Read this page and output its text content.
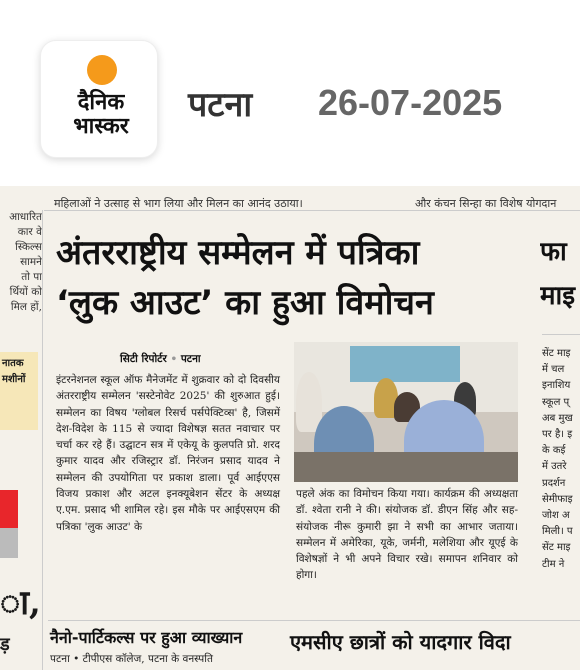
दैनिक
भास्कर
पटना 26-07-2025
महिलाओं ने उत्साह से भाग लिया और मिलन का आनंद उठाया।	और कंचन सिन्हा का विशेष योगदान
आधारित
कार वे
स्किल्स
सामने
तो पा
र्थियों को
मिल हों,
नातक
मशीनों
ा,
ड़
अंतरराष्ट्रीय सम्मेलन में पत्रिका
‘लुक आउट’ का हुआ विमोचन
फा
माइ
सिटी रिपोर्टर • पटना
इंटरनेशनल स्कूल ऑफ मैनेजमेंट में शुक्रवार को दो दिवसीय अंतरराष्ट्रीय सम्मेलन 'सस्टेनोवेट 2025' की शुरुआत हुई। सम्मेलन का विषय 'ग्लोबल रिसर्च पर्सपेक्टिव्स' है, जिसमें देश-विदेश के 115 से ज्यादा विशेषज्ञ सतत नवाचार पर चर्चा कर रहे हैं। उद्घाटन सत्र में एकेयू के कुलपति प्रो. शरद कुमार यादव और रजिस्ट्रार डॉ. निरंजन प्रसाद यादव ने सम्मेलन की उपयोगिता पर प्रकाश डाला। पूर्व आईएएस विजय प्रकाश और अटल इनक्यूबेशन सेंटर के अध्यक्ष ए.एम. प्रसाद भी शामिल रहे। इस मौके पर आईएसएम की पत्रिका 'लुक आउट' के
पहले अंक का विमोचन किया गया। कार्यक्रम की अध्यक्षता डॉ. श्वेता रानी ने की। संयोजक डॉ. डीएन सिंह और सह-संयोजक नीरू कुमारी झा ने सभी का आभार जताया। सम्मेलन में अमेरिका, यूके, जर्मनी, मलेशिया और यूएई के विशेषज्ञों ने भी अपने विचार रखे। समापन शनिवार को होगा।
सेंट माइ
में चल
इनाशिय
स्कूल प्
अब मुख
पर है। इ
के कई
में उतरे
प्रदर्शन
सेमीफाइ
जोश अ
मिली। प
सेंट माइ
टीम ने
नैनो-पार्टिकल्स पर हुआ व्याख्यान
पटना • टीपीएस कॉलेज, पटना के वनस्पति
एमसीए छात्रों को यादगार विदा
